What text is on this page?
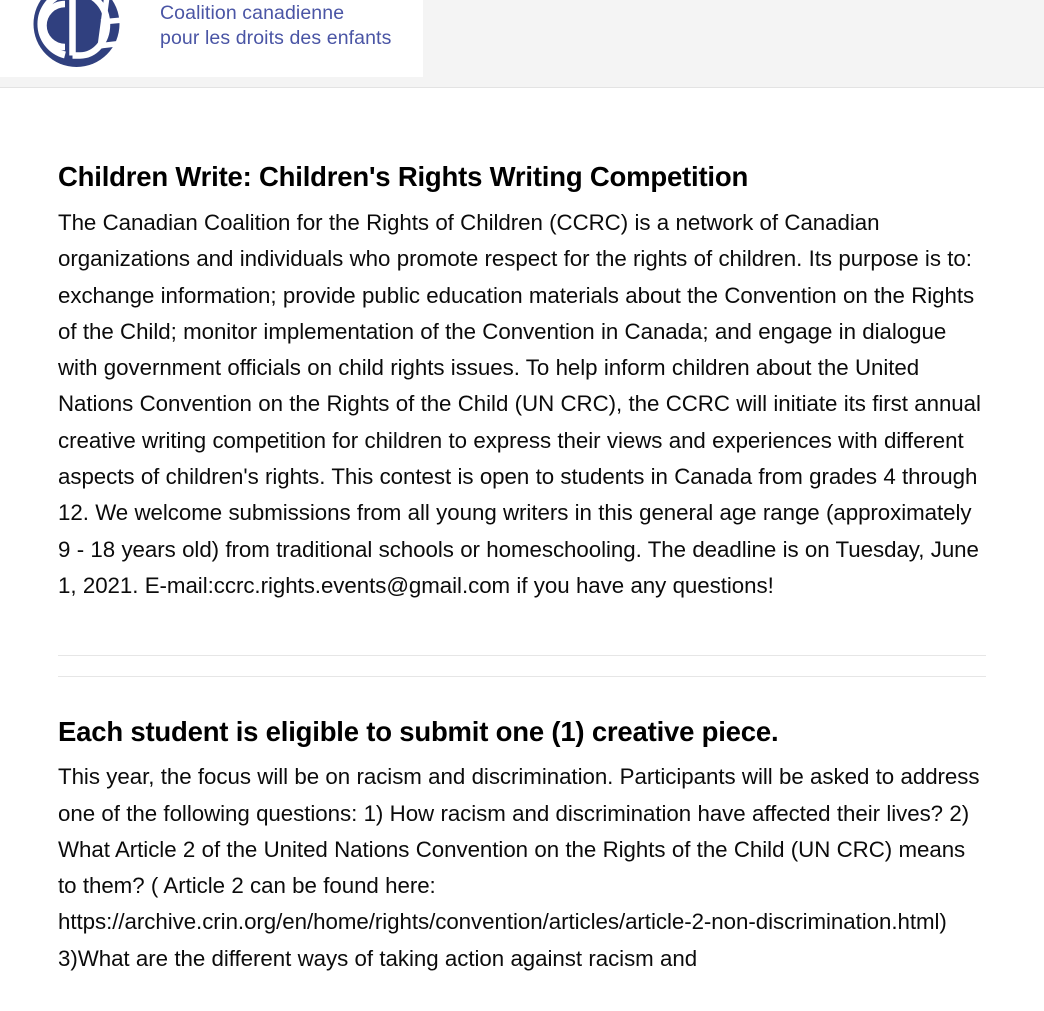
Coalition canadienne
pour les droits des enfants
Children Write: Children's Rights Writing Competition

The Canadian Coalition for the Rights of Children (CCRC) is a network of Canadian organizations and individuals who promote respect for the rights of children. Its purpose is to: exchange information; provide public education materials about the Convention on the Rights of the Child; monitor implementation of the Convention in Canada; and engage in dialogue with government officials on child rights issues. To help inform children about the United Nations Convention on the Rights of the Child (UN CRC), the CCRC will initiate its first annual creative writing competition for children to express their views and experiences with different aspects of children's rights. This contest is open to students in Canada from grades 4 through 12. We welcome submissions from all young writers in this general age range (approximately 9 - 18 years old) from traditional schools or homeschooling. The deadline is on Tuesday, June 1, 2021. E-mail:ccrc.rights.events@gmail.com if you have any questions!

Each student is eligible to submit one (1) creative piece.

This year, the focus will be on racism and discrimination. Participants will be asked to address one of the following questions: 1) How racism and discrimination have affected their lives? 2) What Article 2 of the United Nations Convention on the Rights of the Child (UN CRC) means to them? ( Article 2 can be found here: https://archive.crin.org/en/home/rights/convention/articles/article-2-non-discrimination.html) 3)What are the different ways of taking action against racism and
